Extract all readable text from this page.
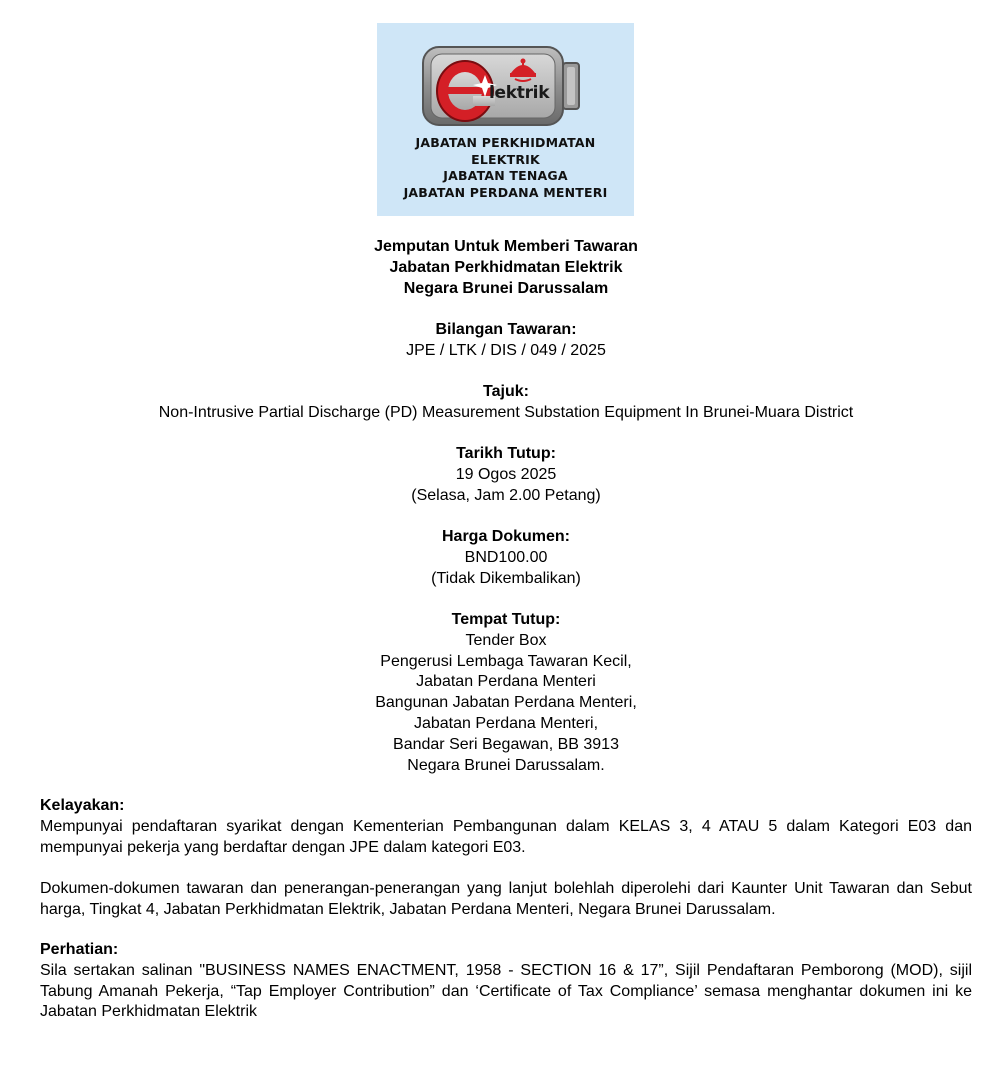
lektrik
JABATAN PERKHIDMATAN
ELEKTRIK
JABATAN TENAGA
JABATAN PERDANA MENTERI
Jemputan Untuk Memberi Tawaran
Jabatan Perkhidmatan Elektrik
Negara Brunei Darussalam
Bilangan Tawaran:
JPE / LTK / DIS / 049 / 2025
Tajuk:
Non-Intrusive Partial Discharge (PD) Measurement Substation Equipment In Brunei-Muara District
Tarikh Tutup:
19 Ogos 2025
(Selasa, Jam 2.00 Petang)
Harga Dokumen:
BND100.00
(Tidak Dikembalikan)
Tempat Tutup:
Tender Box
Pengerusi Lembaga Tawaran Kecil,
Jabatan Perdana Menteri
Bangunan Jabatan Perdana Menteri,
Jabatan Perdana Menteri,
Bandar Seri Begawan, BB 3913
Negara Brunei Darussalam.
Kelayakan:
Mempunyai pendaftaran syarikat dengan Kementerian Pembangunan dalam KELAS 3, 4 ATAU 5 dalam Kategori E03 dan mempunyai pekerja yang berdaftar dengan JPE dalam kategori E03.
Dokumen-dokumen tawaran dan penerangan-penerangan yang lanjut bolehlah diperolehi dari Kaunter Unit Tawaran dan Sebut harga, Tingkat 4, Jabatan Perkhidmatan Elektrik, Jabatan Perdana Menteri, Negara Brunei Darussalam.
Perhatian:
Sila sertakan salinan "BUSINESS NAMES ENACTMENT, 1958 - SECTION 16 & 17”, Sijil Pendaftaran Pemborong (MOD), sijil Tabung Amanah Pekerja, “Tap Employer Contribution” dan ‘Certificate of Tax Compliance’ semasa menghantar dokumen ini ke Jabatan Perkhidmatan Elektrik
